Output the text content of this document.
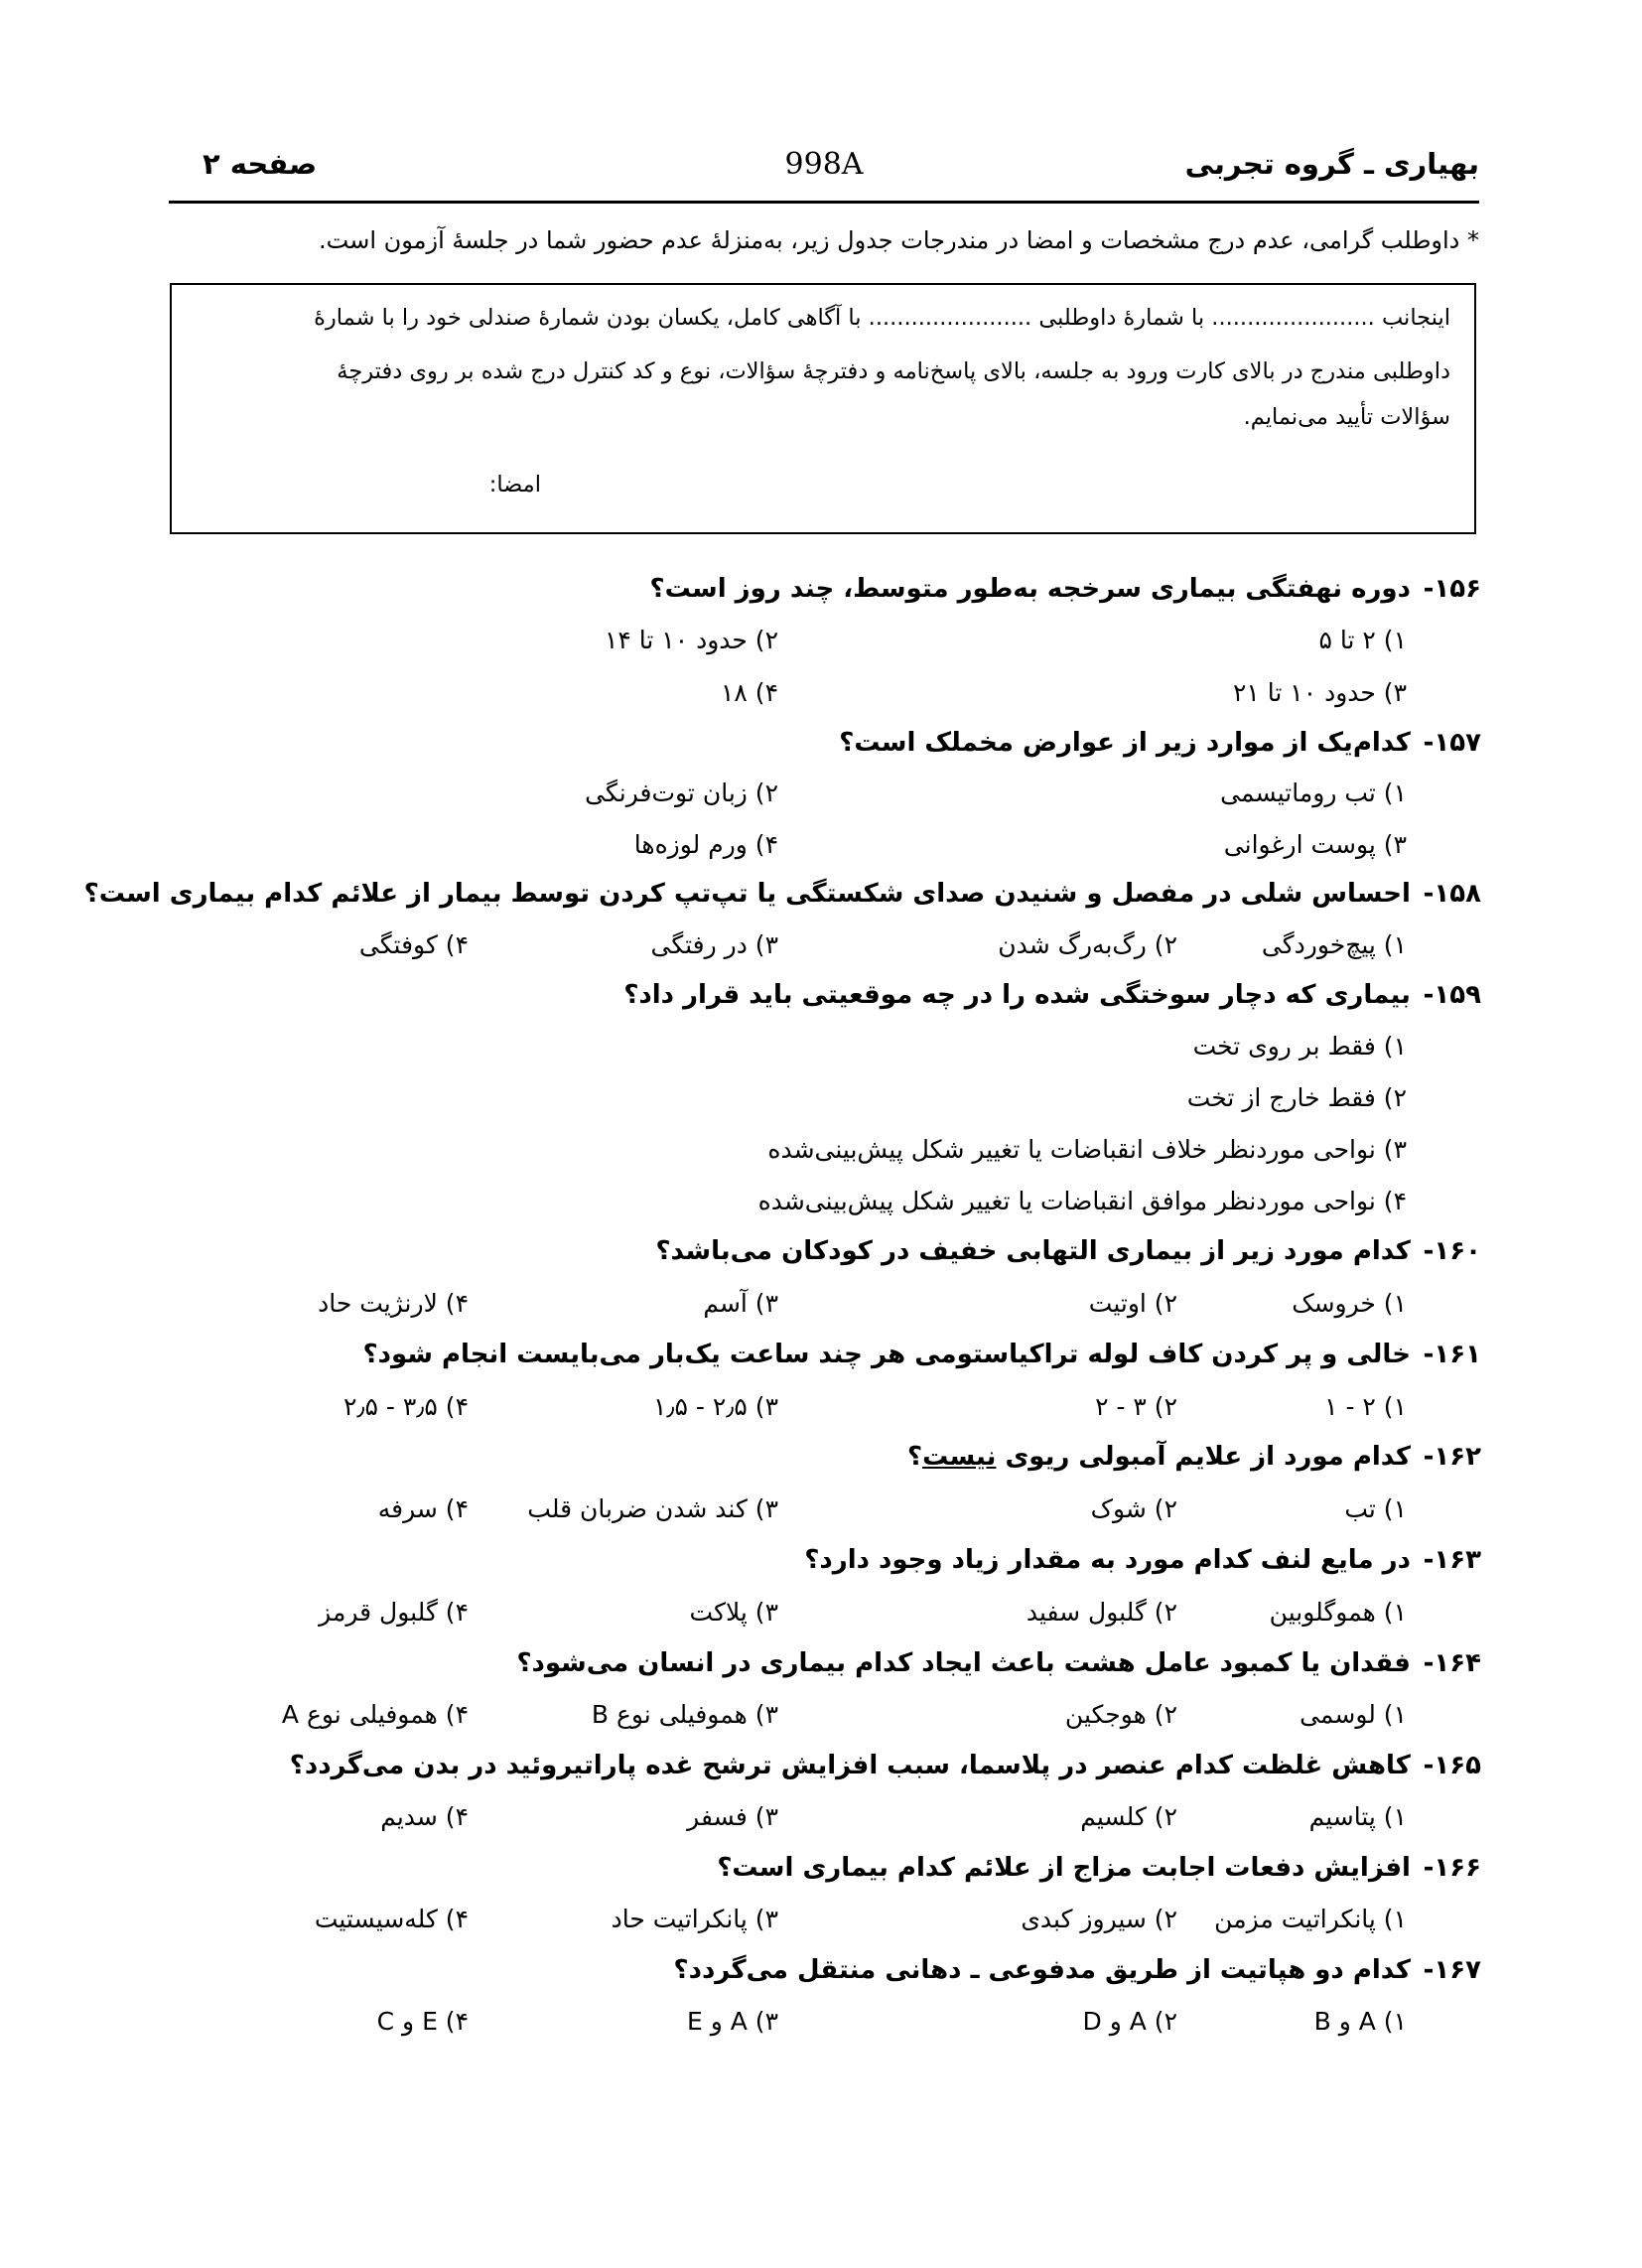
بهیاری ـ گروه تجربی
998A
صفحه ۲
* داوطلب گرامی، عدم درج مشخصات و امضا در مندرجات جدول زیر، به‌منزلهٔ عدم حضور شما در جلسهٔ آزمون است.
اینجانب ....................... با شمارهٔ داوطلبی ....................... با آگاهی کامل، یکسان بودن شمارهٔ صندلی خود را با شمارهٔ
داوطلبی مندرج در بالای کارت ورود به جلسه، بالای پاسخ‌نامه و دفترچهٔ سؤالات، نوع و کد کنترل درج شده بر روی دفترچهٔ
سؤالات تأیید می‌نمایم.
امضا:
۱۵۶- دوره نهفتگی بیماری سرخجه به‌طور متوسط، چند روز است؟
۱) ۲ تا ۵
۲) حدود ۱۰ تا ۱۴
۳) حدود ۱۰ تا ۲۱
۴) ۱۸
۱۵۷- کدام‌یک از موارد زیر از عوارض مخملک است؟
۱) تب روماتیسمی
۲) زبان توت‌فرنگی
۳) پوست ارغوانی
۴) ورم لوزه‌ها
۱۵۸- احساس شلی در مفصل و شنیدن صدای شکستگی یا تپ‌تپ کردن توسط بیمار از علائم کدام بیماری است؟
۱) پیچ‌خوردگی
۲) رگ‌به‌رگ شدن
۳) در رفتگی
۴) کوفتگی
۱۵۹- بیماری که دچار سوختگی شده را در چه موقعیتی باید قرار داد؟
۱) فقط بر روی تخت
۲) فقط خارج از تخت
۳) نواحی موردنظر خلاف انقباضات یا تغییر شکل پیش‌بینی‌شده
۴) نواحی موردنظر موافق انقباضات یا تغییر شکل پیش‌بینی‌شده
۱۶۰- کدام مورد زیر از بیماری التهابی خفیف در کودکان می‌باشد؟
۱) خروسک
۲) اوتیت
۳) آسم
۴) لارنژیت حاد
۱۶۱- خالی و پر کردن کاف لوله تراکیاستومی هر چند ساعت یک‌بار می‌بایست انجام شود؟
۱) ۲ - ۱
۲) ۳ - ۲
۳) ۲٫۵ - ۱٫۵
۴) ۳٫۵ - ۲٫۵
۱۶۲- کدام مورد از علایم آمبولی ریوی نیست؟
۱) تب
۲) شوک
۳) کند شدن ضربان قلب
۴) سرفه
۱۶۳- در مایع لنف کدام مورد به مقدار زیاد وجود دارد؟
۱) هموگلوبین
۲) گلبول سفید
۳) پلاکت
۴) گلبول قرمز
۱۶۴- فقدان یا کمبود عامل هشت باعث ایجاد کدام بیماری در انسان می‌شود؟
۱) لوسمی
۲) هوجکین
۳) هموفیلی نوع B
۴) هموفیلی نوع A
۱۶۵- کاهش غلظت کدام عنصر در پلاسما، سبب افزایش ترشح غده پاراتیروئید در بدن می‌گردد؟
۱) پتاسیم
۲) کلسیم
۳) فسفر
۴) سدیم
۱۶۶- افزایش دفعات اجابت مزاج از علائم کدام بیماری است؟
۱) پانکراتیت مزمن
۲) سیروز کبدی
۳) پانکراتیت حاد
۴) کله‌سیستیت
۱۶۷- کدام دو هپاتیت از طریق مدفوعی ـ دهانی منتقل می‌گردد؟
۱) A و B
۲) A و D
۳) A و E
۴) E و C
